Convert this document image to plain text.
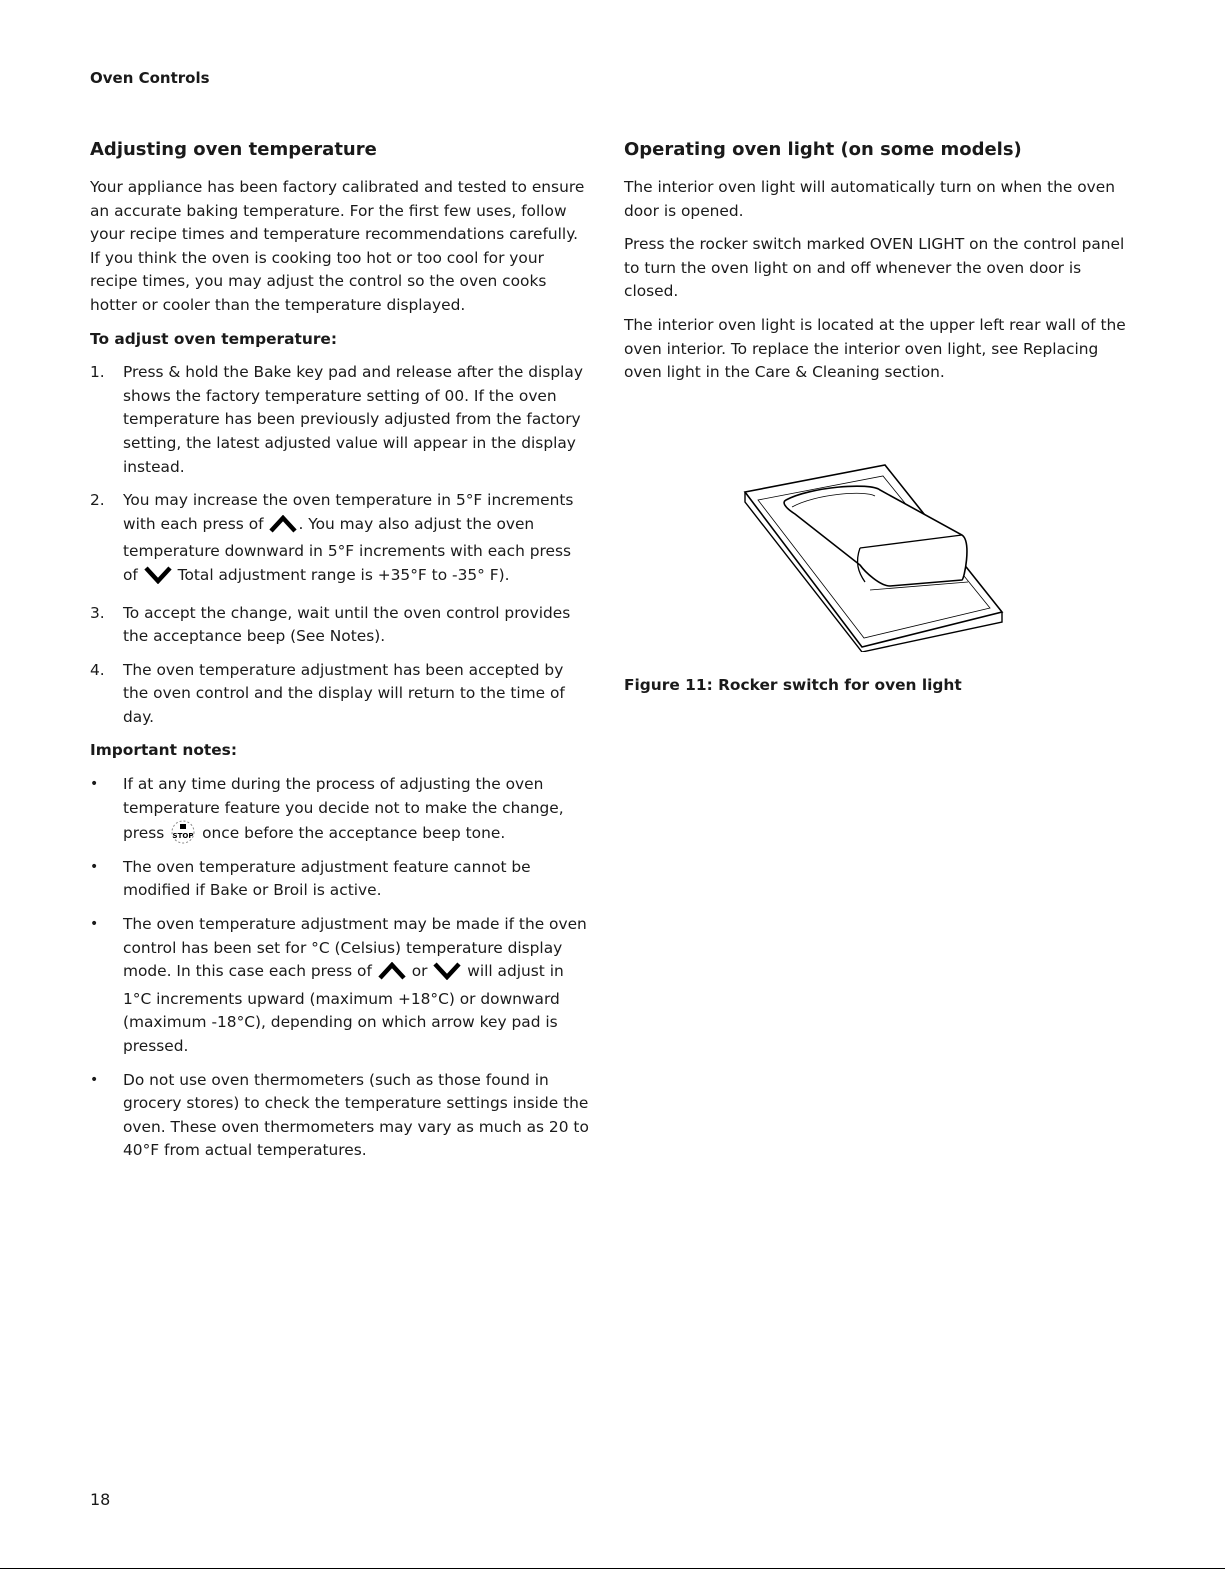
Oven Controls
Adjusting oven temperature

Your appliance has been factory calibrated and tested to ensure an accurate baking temperature. For the first few uses, follow your recipe times and temperature recommendations carefully. If you think the oven is cooking too hot or too cool for your recipe times, you may adjust the control so the oven cooks hotter or cooler than the temperature displayed.

To adjust oven temperature:
1. Press & hold the Bake key pad and release after the display shows the factory temperature setting of 00. If the oven temperature has been previously adjusted from the factory setting, the latest adjusted value will appear in the display instead.
2. You may increase the oven temperature in 5°F increments with each press of . You may also adjust the oven temperature downward in 5°F increments with each press of	Total adjustment range is +35°F to -35° F).
3. To accept the change, wait until the oven control provides the acceptance beep (See Notes).
4. The oven temperature adjustment has been accepted by the oven control and the display will return to the time of day.
Important notes:
• If at any time during the process of adjusting the oven temperature feature you decide not to make the change, press STOP once before the acceptance beep tone.
• The oven temperature adjustment feature cannot be modified if Bake or Broil is active.
• The oven temperature adjustment may be made if the oven control has been set for °C (Celsius) temperature display mode. In this case each press of	or	will adjust in 1°C increments upward (maximum +18°C) or downward (maximum -18°C), depending on which arrow key pad is pressed.
• Do not use oven thermometers (such as those found in grocery stores) to check the temperature settings inside the oven. These oven thermometers may vary as much as 20 to 40°F from actual temperatures.
Operating oven light (on some models)

The interior oven light will automatically turn on when the oven door is opened.

Press the rocker switch marked OVEN LIGHT on the control panel to turn the oven light on and off whenever the oven door is closed.

The interior oven light is located at the upper left rear wall of the oven interior. To replace the interior oven light, see Replacing oven light in the Care & Cleaning section.

Figure 11: Rocker switch for oven light
18
